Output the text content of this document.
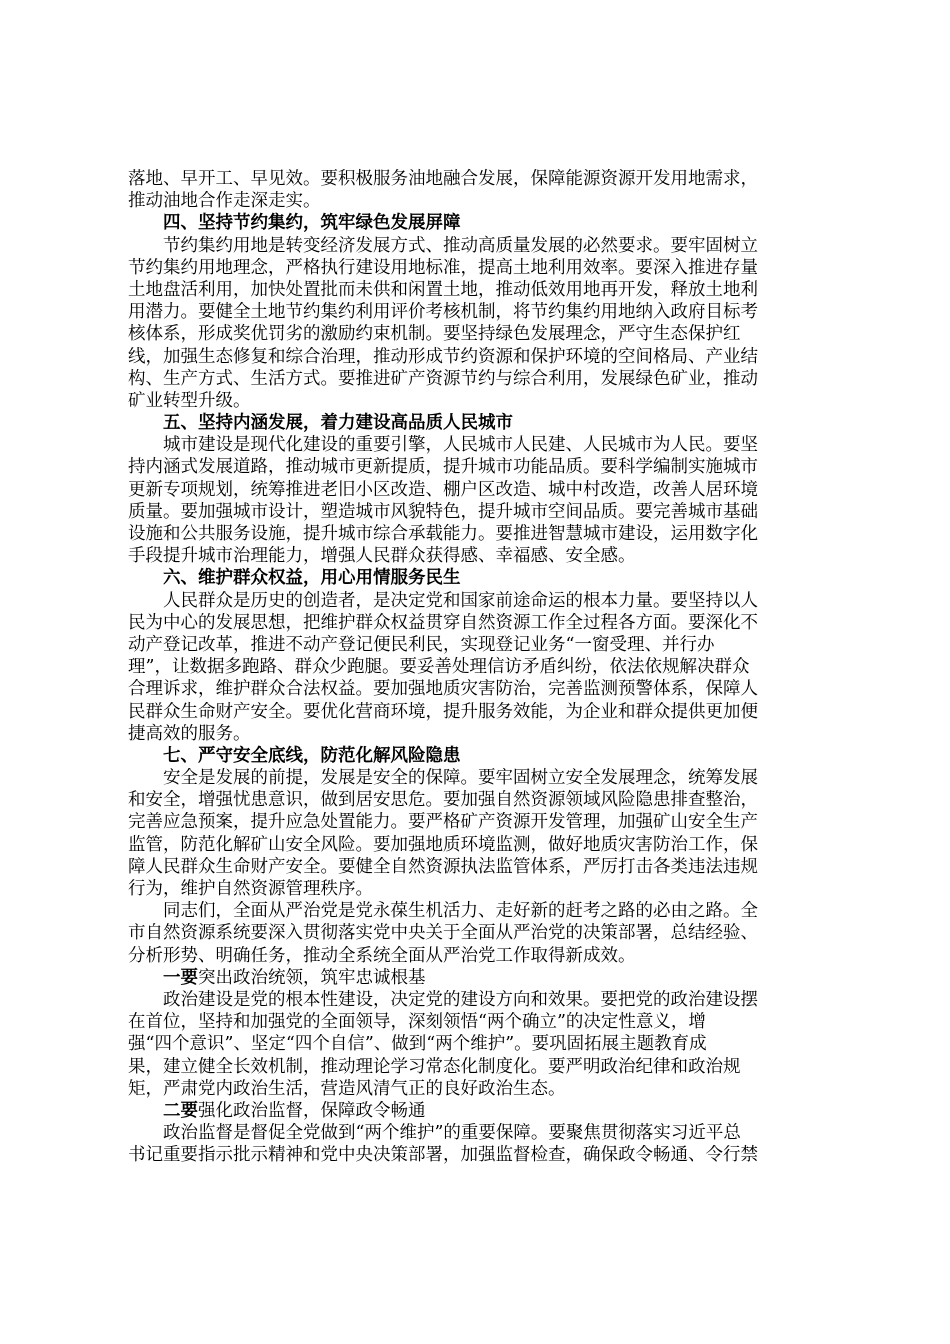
落地、早开工、早见效。要积极服务油地融合发展，保障能源资源开发用地需求，
推动油地合作走深走实。
四、坚持节约集约，筑牢绿色发展屏障
节约集约用地是转变经济发展方式、推动高质量发展的必然要求。要牢固树立
节约集约用地理念，严格执行建设用地标准，提高土地利用效率。要深入推进存量
土地盘活利用，加快处置批而未供和闲置土地，推动低效用地再开发，释放土地利
用潜力。要健全土地节约集约利用评价考核机制，将节约集约用地纳入政府目标考
核体系，形成奖优罚劣的激励约束机制。要坚持绿色发展理念，严守生态保护红
线，加强生态修复和综合治理，推动形成节约资源和保护环境的空间格局、产业结
构、生产方式、生活方式。要推进矿产资源节约与综合利用，发展绿色矿业，推动
矿业转型升级。
五、坚持内涵发展，着力建设高品质人民城市
城市建设是现代化建设的重要引擎，人民城市人民建、人民城市为人民。要坚
持内涵式发展道路，推动城市更新提质，提升城市功能品质。要科学编制实施城市
更新专项规划，统筹推进老旧小区改造、棚户区改造、城中村改造，改善人居环境
质量。要加强城市设计，塑造城市风貌特色，提升城市空间品质。要完善城市基础
设施和公共服务设施，提升城市综合承载能力。要推进智慧城市建设，运用数字化
手段提升城市治理能力，增强人民群众获得感、幸福感、安全感。
六、维护群众权益，用心用情服务民生
人民群众是历史的创造者，是决定党和国家前途命运的根本力量。要坚持以人
民为中心的发展思想，把维护群众权益贯穿自然资源工作全过程各方面。要深化不
动产登记改革，推进不动产登记便民利民，实现登记业务“一窗受理、并行办
理”，让数据多跑路、群众少跑腿。要妥善处理信访矛盾纠纷，依法依规解决群众
合理诉求，维护群众合法权益。要加强地质灾害防治，完善监测预警体系，保障人
民群众生命财产安全。要优化营商环境，提升服务效能，为企业和群众提供更加便
捷高效的服务。
七、严守安全底线，防范化解风险隐患
安全是发展的前提，发展是安全的保障。要牢固树立安全发展理念，统筹发展
和安全，增强忧患意识，做到居安思危。要加强自然资源领域风险隐患排查整治，
完善应急预案，提升应急处置能力。要严格矿产资源开发管理，加强矿山安全生产
监管，防范化解矿山安全风险。要加强地质环境监测，做好地质灾害防治工作，保
障人民群众生命财产安全。要健全自然资源执法监管体系，严厉打击各类违法违规
行为，维护自然资源管理秩序。
同志们，全面从严治党是党永葆生机活力、走好新的赶考之路的必由之路。全
市自然资源系统要深入贯彻落实党中央关于全面从严治党的决策部署，总结经验、
分析形势、明确任务，推动全系统全面从严治党工作取得新成效。
一要突出政治统领，筑牢忠诚根基
政治建设是党的根本性建设，决定党的建设方向和效果。要把党的政治建设摆
在首位，坚持和加强党的全面领导，深刻领悟“两个确立”的决定性意义，增
强“四个意识”、坚定“四个自信”、做到“两个维护”。要巩固拓展主题教育成
果，建立健全长效机制，推动理论学习常态化制度化。要严明政治纪律和政治规
矩，严肃党内政治生活，营造风清气正的良好政治生态。
二要强化政治监督，保障政令畅通
政治监督是督促全党做到“两个维护”的重要保障。要聚焦贯彻落实习近平总
书记重要指示批示精神和党中央决策部署，加强监督检查，确保政令畅通、令行禁
